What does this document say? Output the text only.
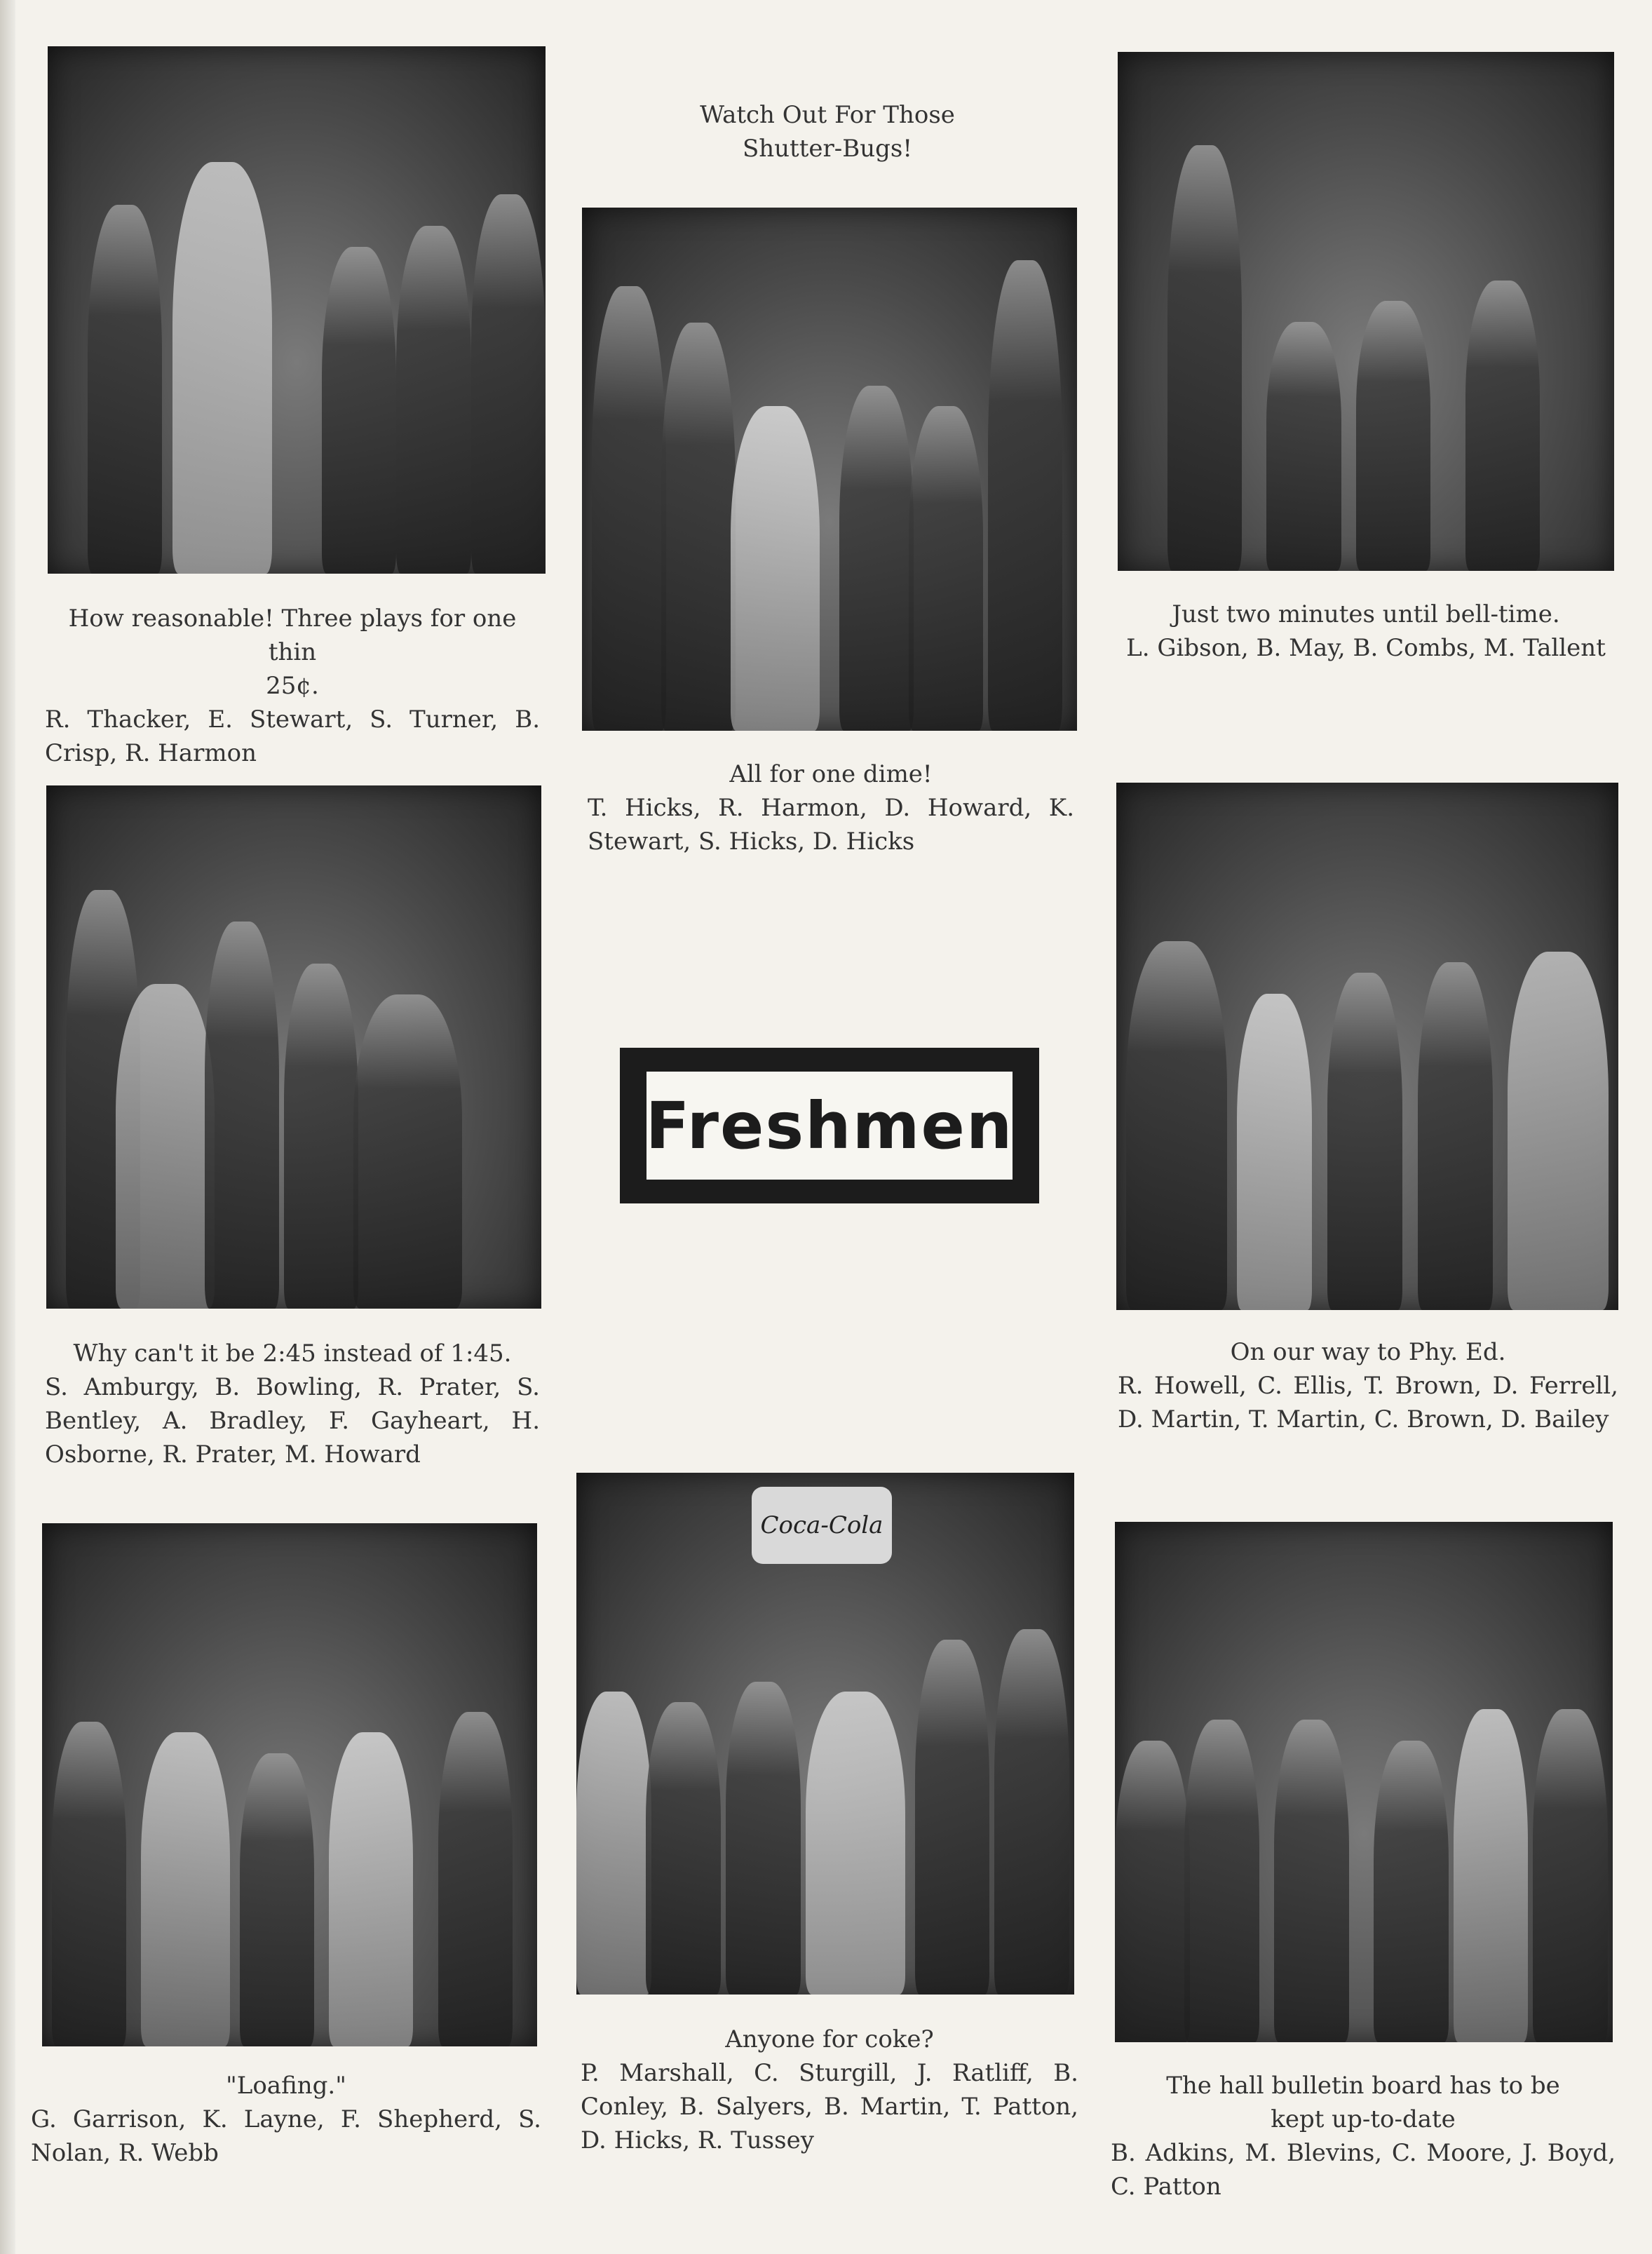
Watch Out For Those
Shutter-Bugs!
How reasonable! Three plays for one thin
25¢.
R. Thacker, E. Stewart, S. Turner, B. Crisp, R. Harmon
All for one dime!
T. Hicks, R. Harmon, D. Howard, K. Stewart, S. Hicks, D. Hicks
Just two minutes until bell-time.
L. Gibson, B. May, B. Combs, M. Tallent
Why can't it be 2:45 instead of 1:45.
S. Amburgy, B. Bowling, R. Prater, S. Bentley, A. Bradley, F. Gayheart, H. Osborne, R. Prater, M. Howard
Freshmen
On our way to Phy. Ed.
R. Howell, C. Ellis, T. Brown, D. Ferrell, D. Martin, T. Martin, C. Brown, D. Bailey
"Loafing."
G. Garrison, K. Layne, F. Shepherd, S. Nolan, R. Webb
Coca-Cola
Anyone for coke?
P. Marshall, C. Sturgill, J. Ratliff, B. Conley, B. Salyers, B. Martin, T. Patton, D. Hicks, R. Tussey
The hall bulletin board has to be
kept up-to-date
B. Adkins, M. Blevins, C. Moore, J. Boyd, C. Patton
